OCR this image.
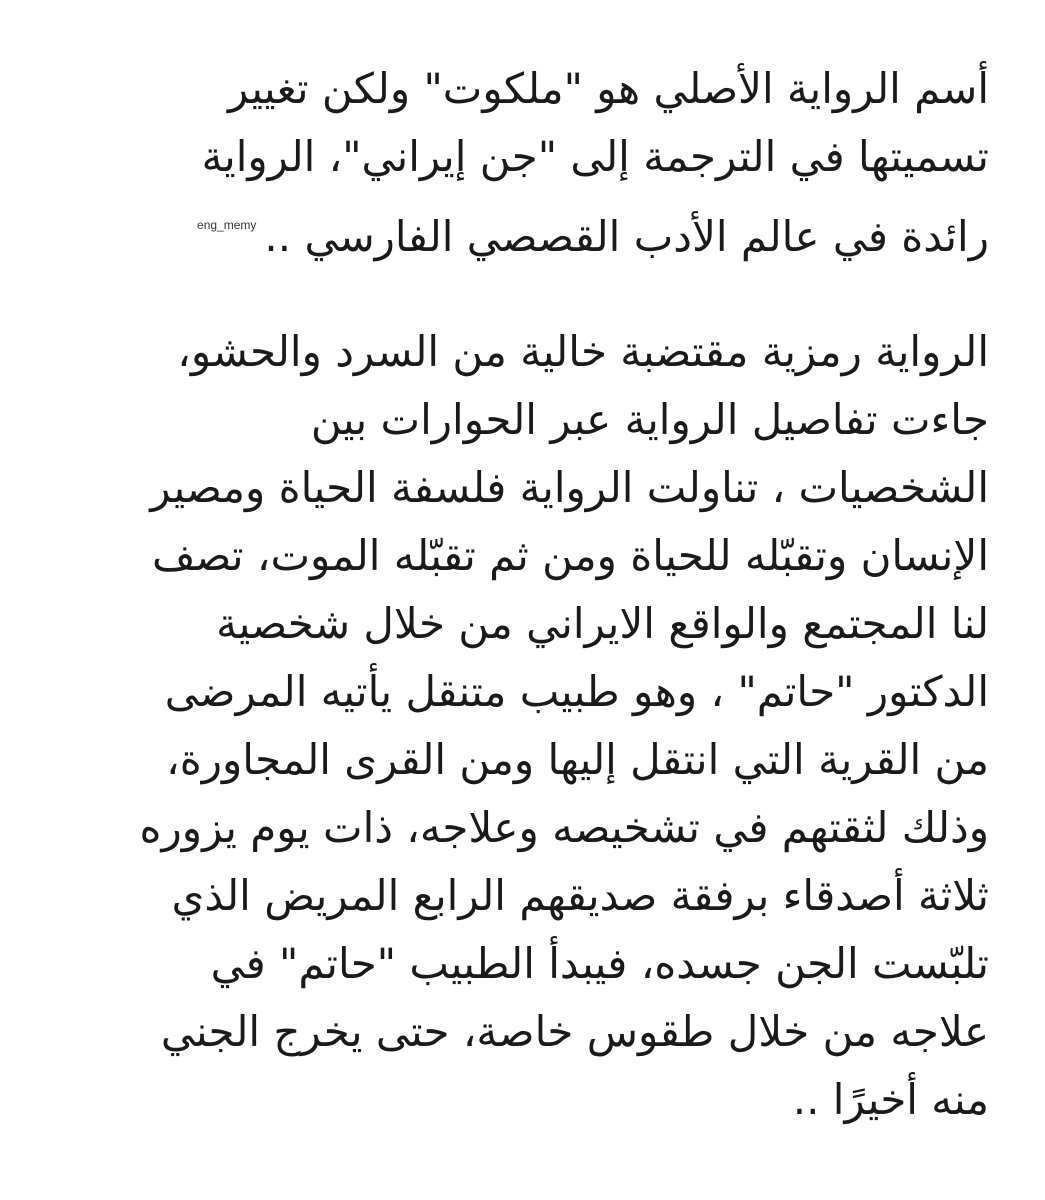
أسم الرواية الأصلي هو "ملكوت" ولكن تغيير
تسميتها في الترجمة إلى "جن إيراني"، الرواية
رائدة في عالم الأدب القصصي الفارسي ..eng_memy
الرواية رمزية مقتضبة خالية من السرد والحشو،
جاءت تفاصيل الرواية عبر الحوارات بين
الشخصيات ، تناولت الرواية فلسفة الحياة ومصير
الإنسان وتقبّله للحياة ومن ثم تقبّله الموت، تصف
لنا المجتمع والواقع الايراني من خلال شخصية
الدكتور "حاتم" ، وهو طبيب متنقل يأتيه المرضى
من القرية التي انتقل إليها ومن القرى المجاورة،
وذلك لثقتهم في تشخيصه وعلاجه، ذات يوم يزوره
ثلاثة أصدقاء برفقة صديقهم الرابع المريض الذي
تلبّست الجن جسده، فيبدأ الطبيب "حاتم" في
علاجه من خلال طقوس خاصة، حتى يخرج الجني
منه أخيرًا ..
